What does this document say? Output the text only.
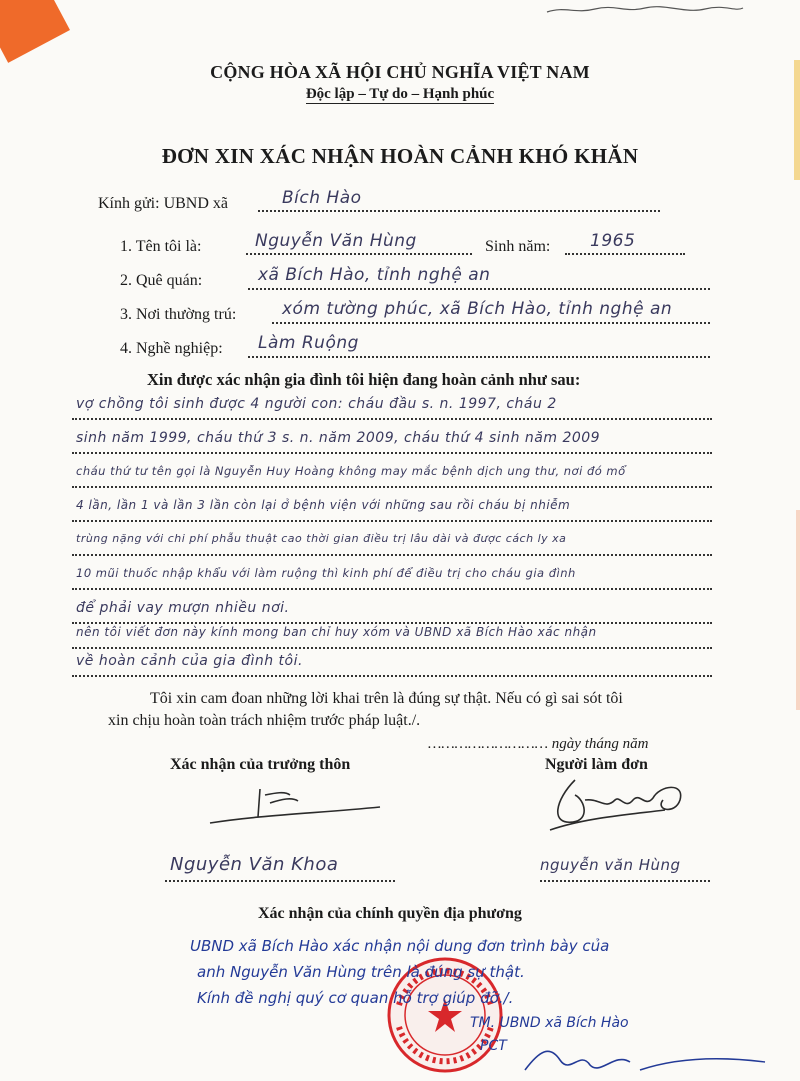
CỘNG HÒA XÃ HỘI CHỦ NGHĨA VIỆT NAM
Độc lập – Tự do – Hạnh phúc
ĐƠN XIN XÁC NHẬN HOÀN CẢNH KHÓ KHĂN
Kính gửi: UBND xã	Bích Hào
1. Tên tôi là:	Nguyễn Văn Hùng	Sinh năm: 1965
2. Quê quán:	xã Bích Hào, tỉnh nghệ an
3. Nơi thường trú:	xóm tường phúc, xã Bích Hào, tỉnh nghệ an
4. Nghề nghiệp: Làm Ruộng
Xin được xác nhận gia đình tôi hiện đang hoàn cảnh như sau:
vợ chồng tôi sinh được 4 người con: cháu đầu s. n. 1997, cháu 2
sinh năm 1999, cháu thứ 3 s. n. năm 2009, cháu thứ 4 sinh năm 2009
cháu thứ tư tên gọi là Nguyễn Huy Hoàng không may mắc bệnh dịch ung thư, nơi đó mổ
4 lần, lần 1 và lần 3 lần còn lại ở bệnh viện với những sau rồi cháu bị nhiễm
trùng nặng với chi phí phẫu thuật cao thời gian điều trị lâu dài và được cách ly xa
10 mũi thuốc nhập khẩu với làm ruộng thì kinh phí để điều trị cho cháu gia đình
để phải vay mượn nhiều nơi.
nên tôi viết đơn này kính mong ban chỉ huy xóm và UBND xã Bích Hào xác nhận
về hoàn cảnh của gia đình tôi.
Tôi xin cam đoan những lời khai trên là đúng sự thật. Nếu có gì sai sót tôi
xin chịu hoàn toàn trách nhiệm trước pháp luật./.
……………………… ngày tháng năm
Xác nhận của trưởng thôn	Người làm đơn
Nguyễn Văn Khoa	nguyễn văn Hùng
Xác nhận của chính quyền địa phương
UBND xã Bích Hào xác nhận nội dung đơn trình bày của
anh Nguyễn Văn Hùng trên là đúng sự thật.
Kính đề nghị quý cơ quan hỗ trợ giúp đỡ./.
TM. UBND xã Bích Hào
PCT
